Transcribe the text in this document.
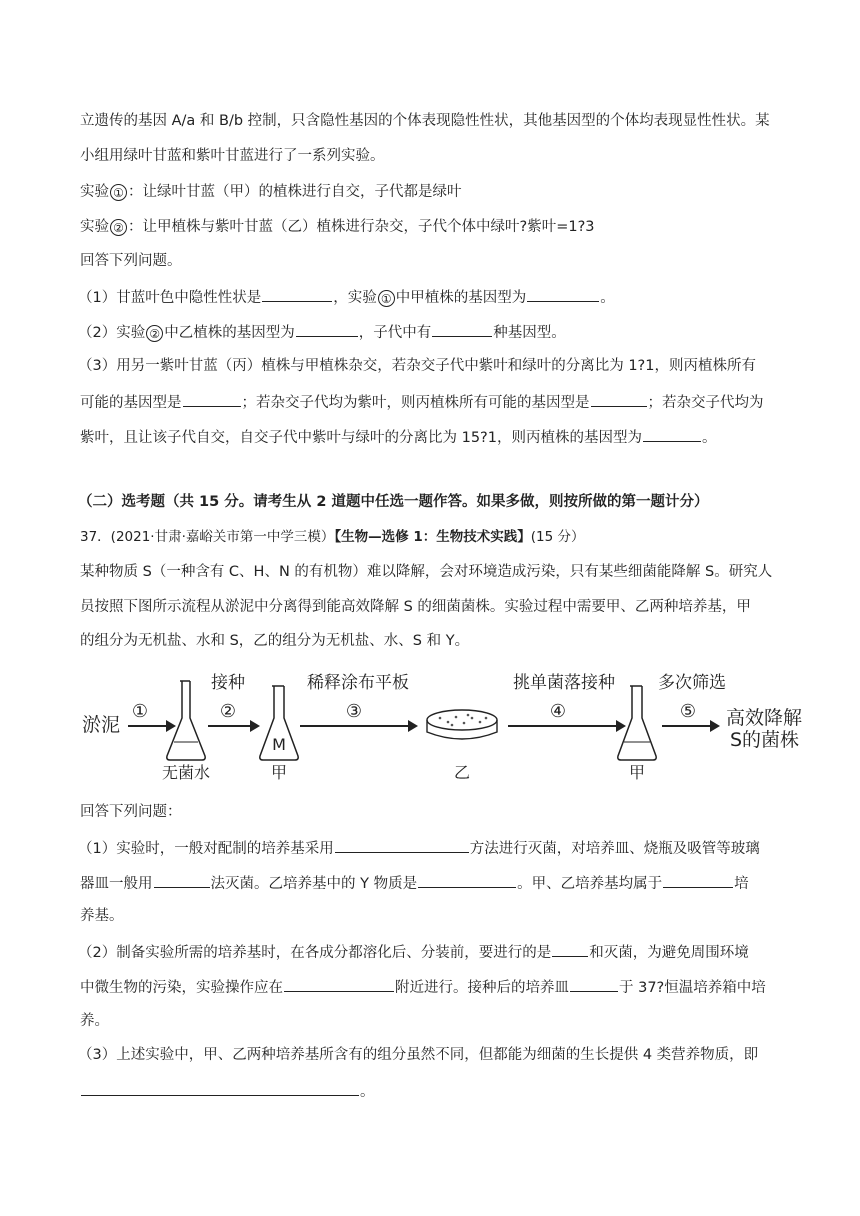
立遗传的基因 A/a 和 B/b 控制，只含隐性基因的个体表现隐性性状，其他基因型的个体均表现显性性状。某
小组用绿叶甘蓝和紫叶甘蓝进行了一系列实验。
实验 ① ：让绿叶甘蓝（甲）的植株进行自交，子代都是绿叶
实验 ② ：让甲植株与紫叶甘蓝（乙）植株进行杂交，子代个体中绿叶?紫叶=1?3
回答下列问题。
（1）甘蓝叶色中隐性性状是	，实验 ① 中甲植株的基因型为	。
（2）实验 ② 中乙植株的基因型为	，子代中有	种基因型。
（3）用另一紫叶甘蓝（丙）植株与甲植株杂交，若杂交子代中紫叶和绿叶的分离比为 1?1，则丙植株所有
可能的基因型是	；若杂交子代均为紫叶，则丙植株所有可能的基因型是	；若杂交子代均为
紫叶，且让该子代自交，自交子代中紫叶与绿叶的分离比为 15?1，则丙植株的基因型为	。
（二）选考题（共 15 分。请考生从 2 道题中任选一题作答。如果多做，则按所做的第一题计分）
37．(2021·甘肃·嘉峪关市第一中学三模）【生物—选修 1：生物技术实践】(15 分）
某种物质 S（一种含有 C、H、N 的有机物）难以降解，会对环境造成污染，只有某些细菌能降解 S。研究人
员按照下图所示流程从淤泥中分离得到能高效降解 S 的细菌菌株。实验过程中需要甲、乙两种培养基，甲
的组分为无机盐、水和 S，乙的组分为无机盐、水、S 和 Y。
淤泥
①
无菌水
接种
②
M
甲
稀释涂布平板
③
乙
挑单菌落接种
④
甲
多次筛选
⑤ 高效降解
S的菌株
回答下列问题：
（1）实验时，一般对配制的培养基采用	方法进行灭菌，对培养皿、烧瓶及吸管等玻璃
器皿一般用	法灭菌。乙培养基中的 Y 物质是	。甲、乙培养基均属于	培
养基。
（2）制备实验所需的培养基时，在各成分都溶化后、分装前，要进行的是	和灭菌，为避免周围环境
中微生物的污染，实验操作应在	附近进行。接种后的培养皿	于 37?恒温培养箱中培
养。
（3）上述实验中，甲、乙两种培养基所含有的组分虽然不同，但都能为细菌的生长提供 4 类营养物质，即
。
